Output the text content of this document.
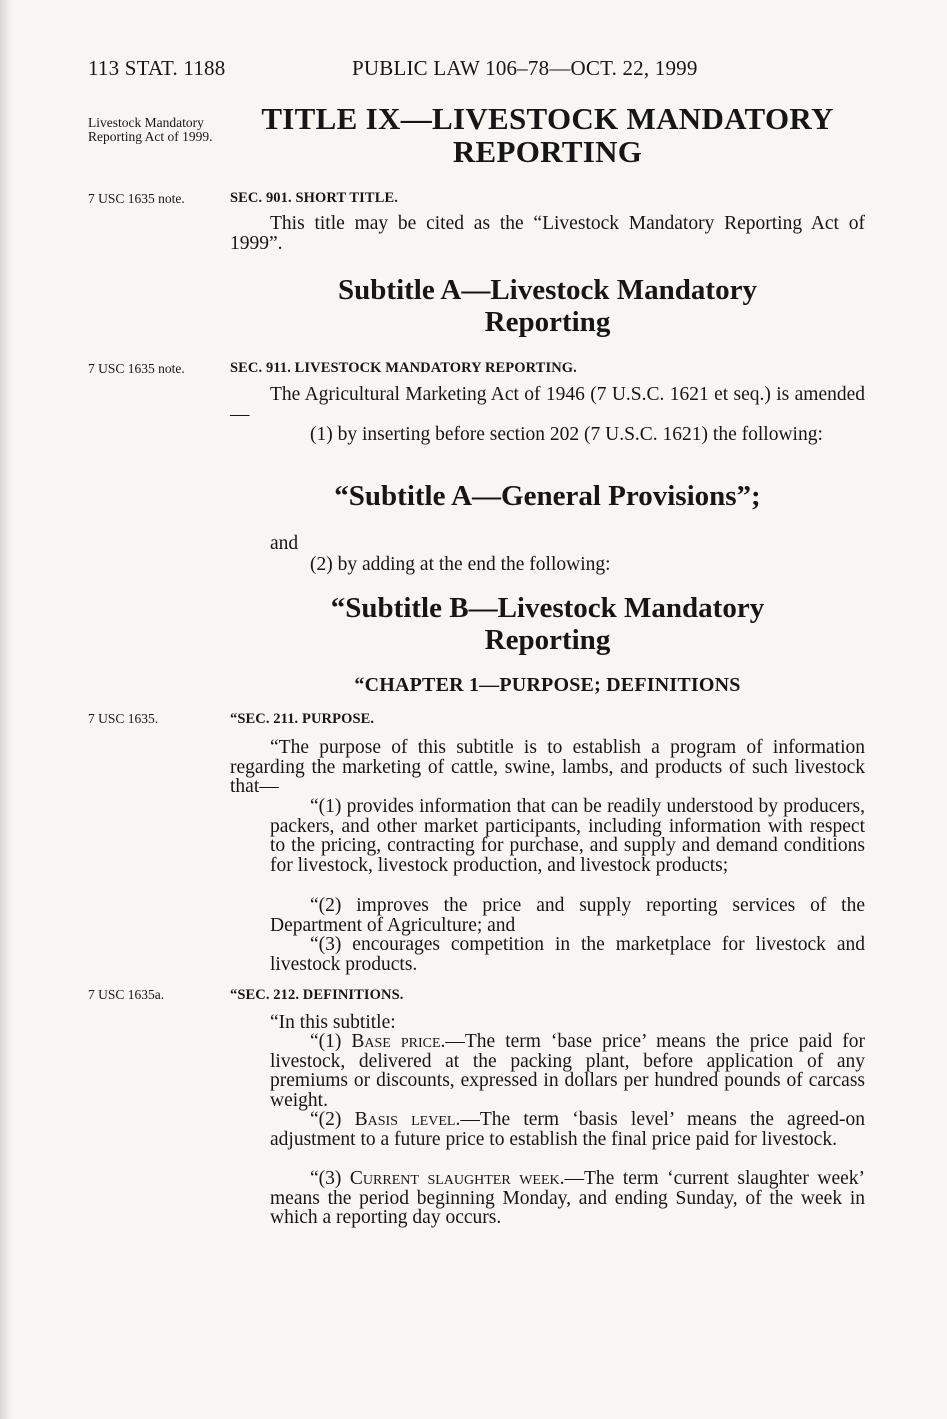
113 STAT. 1188	PUBLIC LAW 106–78—OCT. 22, 1999
Livestock Mandatory Reporting Act of 1999.
7 USC 1635 note.
7 USC 1635 note.
7 USC 1635.
7 USC 1635a.
TITLE IX—LIVESTOCK MANDATORY
REPORTING
SEC. 901. SHORT TITLE.
This title may be cited as the “Livestock Mandatory Reporting Act of 1999”.
Subtitle A—Livestock Mandatory
Reporting
SEC. 911. LIVESTOCK MANDATORY REPORTING.
The Agricultural Marketing Act of 1946 (7 U.S.C. 1621 et seq.) is amended—
(1) by inserting before section 202 (7 U.S.C. 1621) the following:
“Subtitle A—General Provisions”;
and
(2) by adding at the end the following:
“Subtitle B—Livestock Mandatory
Reporting
“CHAPTER 1—PURPOSE; DEFINITIONS
“SEC. 211. PURPOSE.
“The purpose of this subtitle is to establish a program of information regarding the marketing of cattle, swine, lambs, and products of such livestock that—
“(1) provides information that can be readily understood by producers, packers, and other market participants, including information with respect to the pricing, contracting for purchase, and supply and demand conditions for livestock, livestock production, and livestock products;
“(2) improves the price and supply reporting services of the Department of Agriculture; and
“(3) encourages competition in the marketplace for livestock and livestock products.
“SEC. 212. DEFINITIONS.
“In this subtitle:
“(1) Base price.—The term ‘base price’ means the price paid for livestock, delivered at the packing plant, before application of any premiums or discounts, expressed in dollars per hundred pounds of carcass weight.
“(2) Basis level.—The term ‘basis level’ means the agreed-on adjustment to a future price to establish the final price paid for livestock.
“(3) Current slaughter week.—The term ‘current slaughter week’ means the period beginning Monday, and ending Sunday, of the week in which a reporting day occurs.
